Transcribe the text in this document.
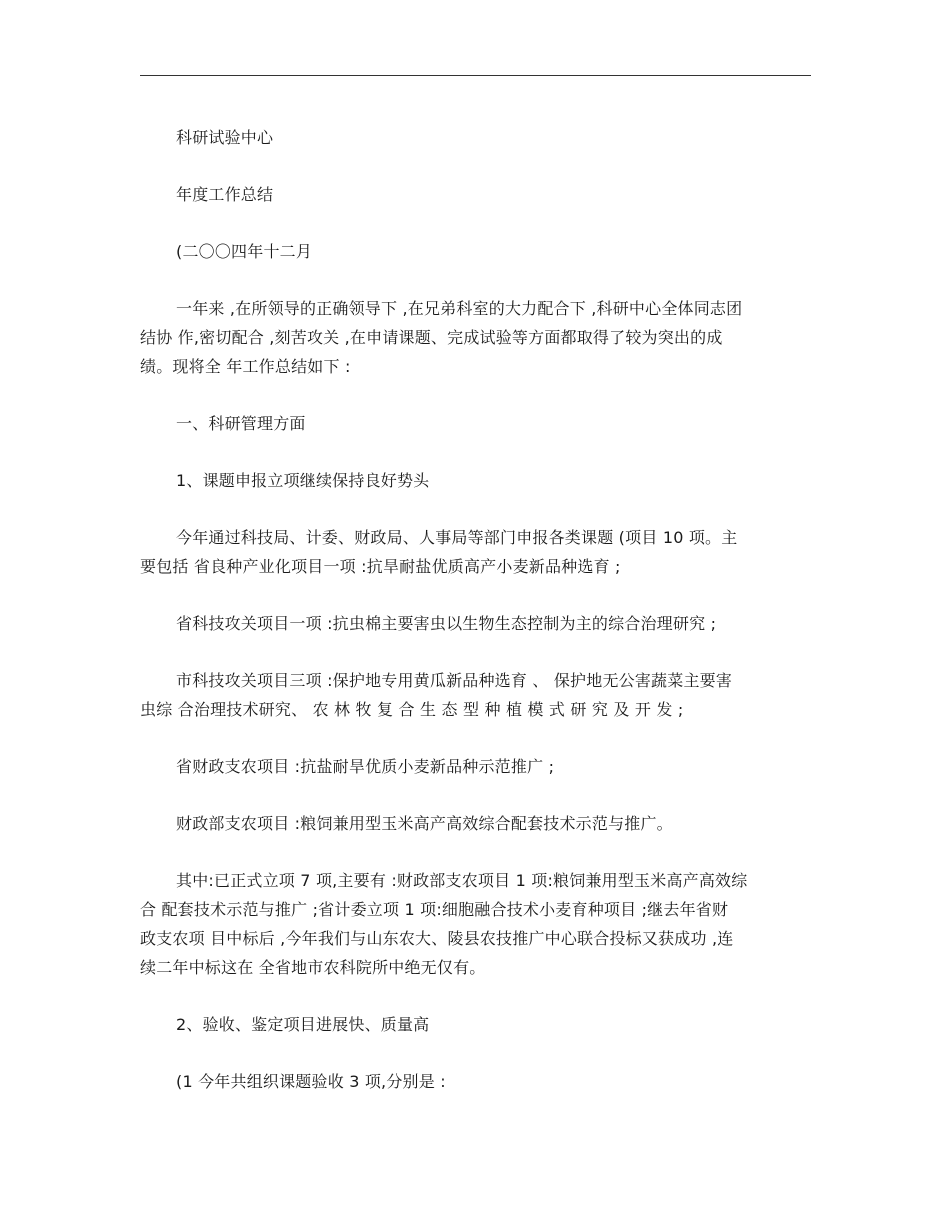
科研试验中心

年度工作总结

(二〇〇四年十二月

一年来 ,在所领导的正确领导下 ,在兄弟科室的大力配合下 ,科研中心全体同志团
结协 作,密切配合 ,刻苦攻关 ,在申请课题、完成试验等方面都取得了较为突出的成
绩。现将全 年工作总结如下 :

一、科研管理方面

1、课题申报立项继续保持良好势头

今年通过科技局、计委、财政局、人事局等部门申报各类课题 (项目 10 项。主
要包括 省良种产业化项目一项 :抗旱耐盐优质高产小麦新品种选育 ;

省科技攻关项目一项 :抗虫棉主要害虫以生物生态控制为主的综合治理研究 ;

市科技攻关项目三项 :保护地专用黄瓜新品种选育 、 保护地无公害蔬菜主要害
虫综 合治理技术研究、 农 林 牧 复 合 生 态 型 种 植 模 式 研 究 及 开 发 ;

省财政支农项目 :抗盐耐旱优质小麦新品种示范推广 ;

财政部支农项目 :粮饲兼用型玉米高产高效综合配套技术示范与推广。

其中:已正式立项 7 项,主要有 :财政部支农项目 1 项:粮饲兼用型玉米高产高效综
合 配套技术示范与推广 ;省计委立项 1 项:细胞融合技术小麦育种项目 ;继去年省财
政支农项 目中标后 ,今年我们与山东农大、陵县农技推广中心联合投标又获成功 ,连
续二年中标这在 全省地市农科院所中绝无仅有。

2、验收、鉴定项目进展快、质量高

(1 今年共组织课题验收 3 项,分别是 :
